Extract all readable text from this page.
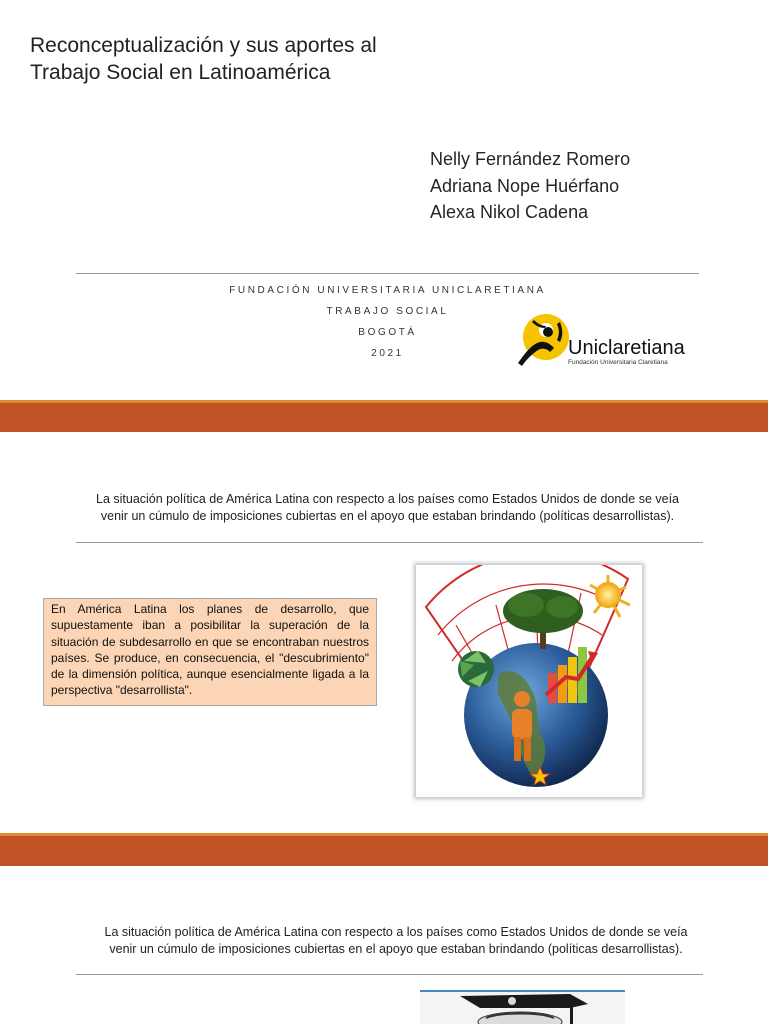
Reconceptualización y sus aportes al
Trabajo Social en Latinoamérica
Nelly Fernández Romero
Adriana Nope Huérfano
Alexa Nikol Cadena
FUNDACIÓN UNIVERSITARIA UNICLARETIANA
TRABAJO SOCIAL
BOGOTÁ
2021	Uniclaretiana
Fundación Universitaria Claretiana
La situación política de América Latina con respecto a los países como Estados Unidos de donde se veía
venir un cúmulo de imposiciones cubiertas en el apoyo que estaban brindando (políticas desarrollistas).
En América Latina los planes de desarrollo, que supuestamente iban a posibilitar la superación de la situación de subdesarrollo en que se encontraban nuestros países. Se produce, en consecuencia, el "descubrimiento" de la dimensión política, aunque esencialmente ligada a la perspectiva "desarrollista".
La situación política de América Latina con respecto a los países como Estados Unidos de donde se veía
venir un cúmulo de imposiciones cubiertas en el apoyo que estaban brindando (políticas desarrollistas).
